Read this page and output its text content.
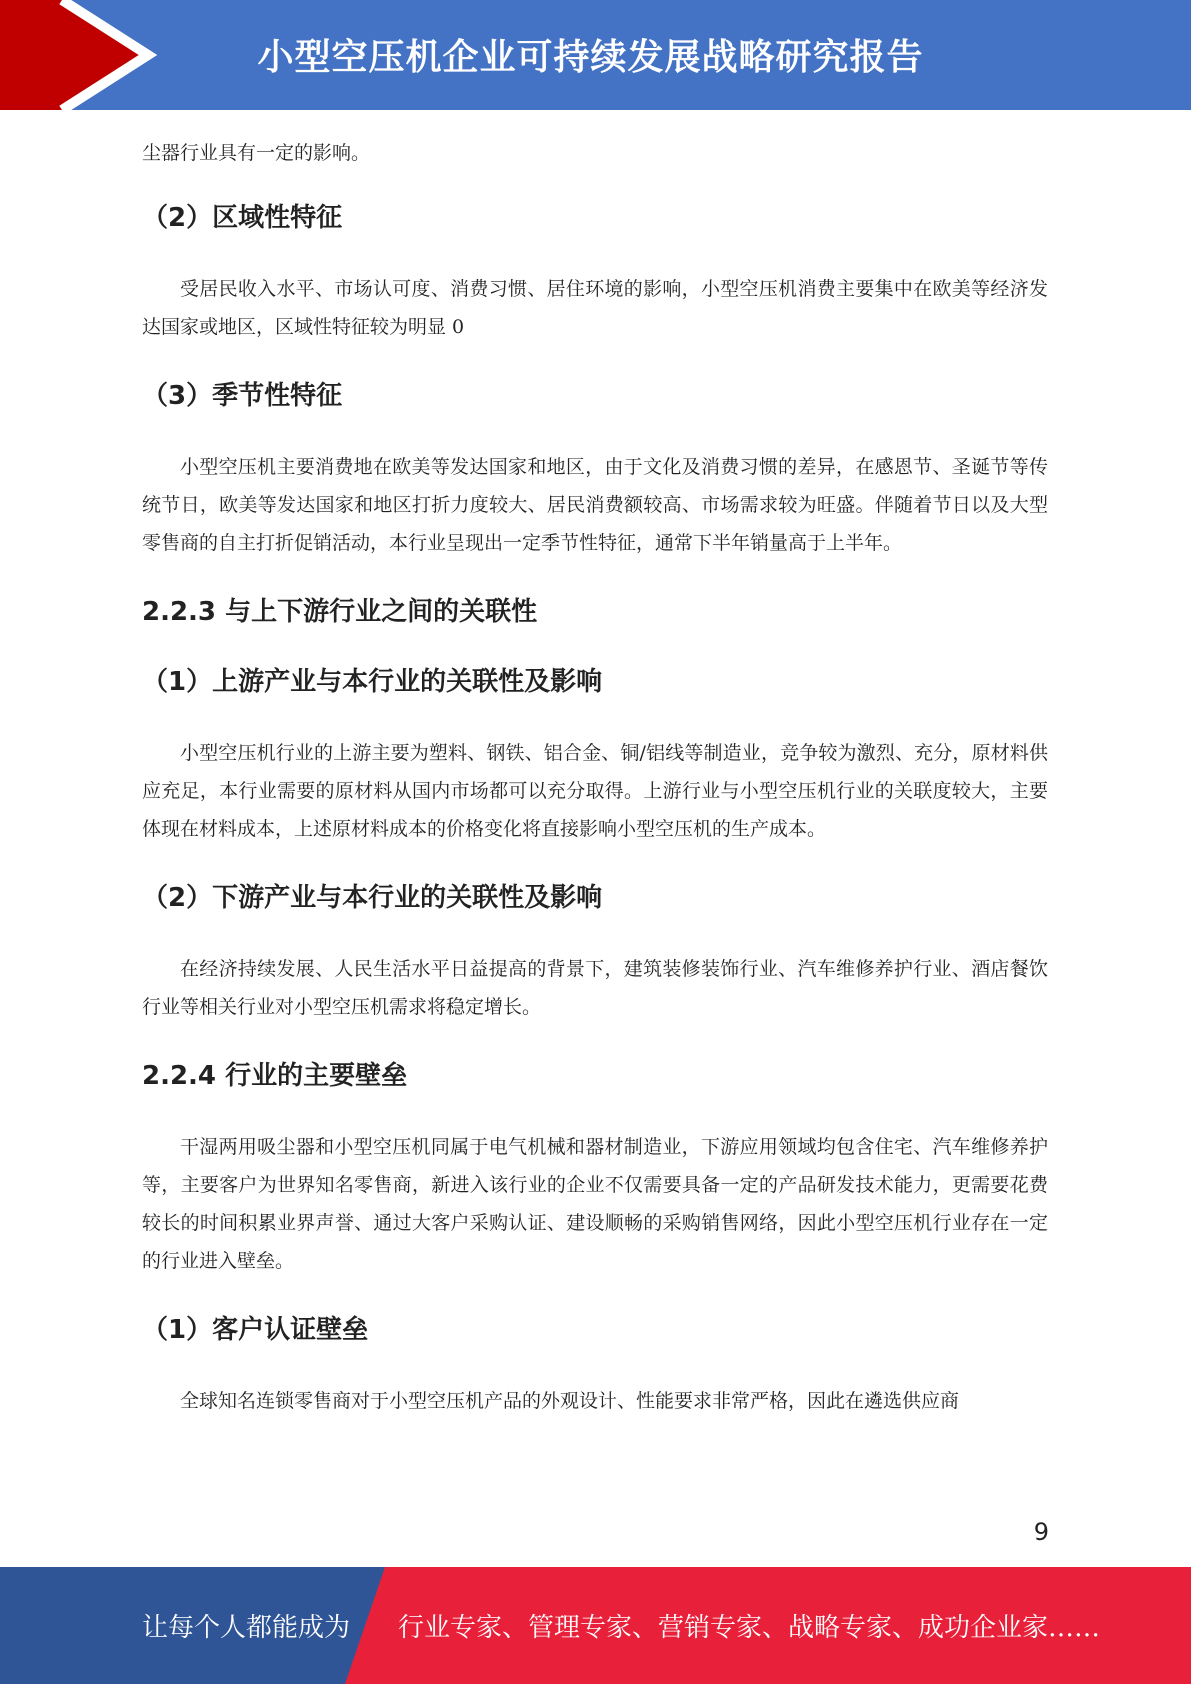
小型空压机企业可持续发展战略研究报告

尘器行业具有一定的影响。

（2）区域性特征

受居民收入水平、市场认可度、消费习惯、居住环境的影响，小型空压机消费主要集中在欧美等经济发达国家或地区，区域性特征较为明显 0

（3）季节性特征

小型空压机主要消费地在欧美等发达国家和地区，由于文化及消费习惯的差异，在感恩节、圣诞节等传统节日，欧美等发达国家和地区打折力度较大、居民消费额较高、市场需求较为旺盛。伴随着节日以及大型零售商的自主打折促销活动，本行业呈现出一定季节性特征，通常下半年销量高于上半年。

2.2.3 与上下游行业之间的关联性
（1）上游产业与本行业的关联性及影响

小型空压机行业的上游主要为塑料、钢铁、铝合金、铜/铝线等制造业，竞争较为激烈、充分，原材料供应充足，本行业需要的原材料从国内市场都可以充分取得。上游行业与小型空压机行业的关联度较大，主要体现在材料成本，上述原材料成本的价格变化将直接影响小型空压机的生产成本。

（2）下游产业与本行业的关联性及影响

在经济持续发展、人民生活水平日益提高的背景下，建筑装修装饰行业、汽车维修养护行业、酒店餐饮行业等相关行业对小型空压机需求将稳定增长。

2.2.4 行业的主要壁垒

干湿两用吸尘器和小型空压机同属于电气机械和器材制造业，下游应用领域均包含住宅、汽车维修养护等，主要客户为世界知名零售商，新进入该行业的企业不仅需要具备一定的产品研发技术能力，更需要花费较长的时间积累业界声誉、通过大客户采购认证、建设顺畅的采购销售网络，因此小型空压机行业存在一定的行业进入壁垒。

（1）客户认证壁垒

全球知名连锁零售商对于小型空压机产品的外观设计、性能要求非常严格，因此在遴选供应商

9
让每个人都能成为 行业专家、管理专家、营销专家、战略专家、成功企业家……
